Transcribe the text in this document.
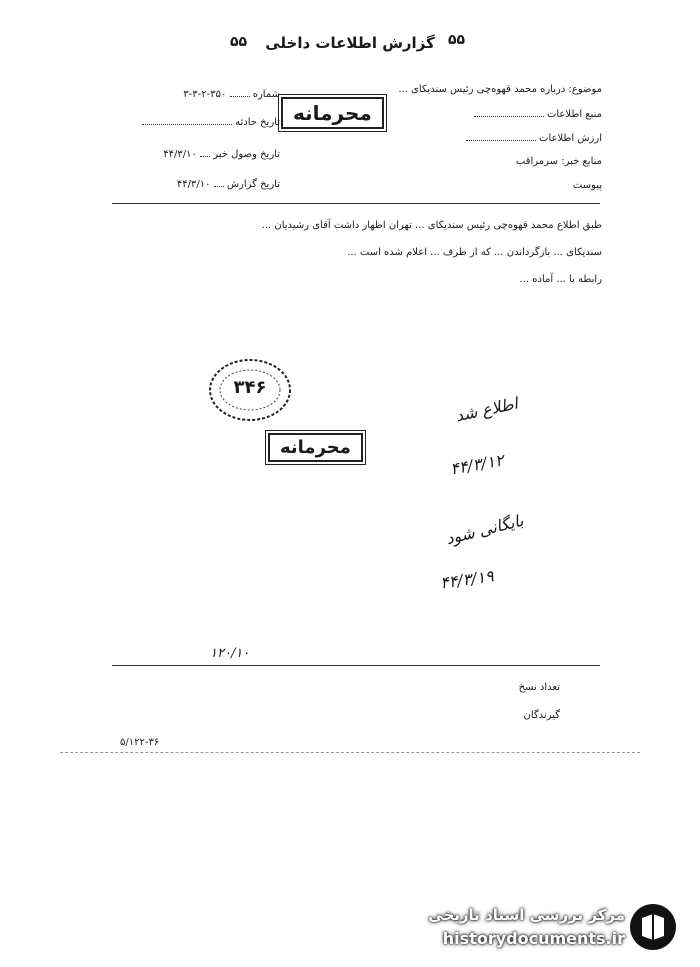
۵۵	گزارش اطلاعات داخلی ۵۵
شماره  ۳۵۰-۲-۳-۳
تاریخ حادثه
تاریخ وصول خبر  ۴۴/۳/۱۰
تاریخ گزارش  ۴۴/۳/۱۰
محرمانه
موضوع: درباره محمد قهوه‌چی رئیس سندیکای ...
منبع اطلاعات
ارزش اطلاعات
منابع خبر: سرمراقب
پیوست
طبق اطلاع محمد قهوه‌چی رئیس سندیکای ... تهران اظهار داشت آقای رشیدیان ...
سندیکای ... بازگرداندن ... که از طرف ... اعلام شده است ...
رابطه با ... آماده ...
۳۴۶
محرمانه
اطلاع شد
۴۴/۳/۱۲
بایگانی شود
۴۴/۳/۱۹
۱۲۰/۱۰
تعداد نسخ
گیرندگان
۵/۱۲۲-۳۶
مرکز بررسی اسناد تاریخی
historydocuments.ir
